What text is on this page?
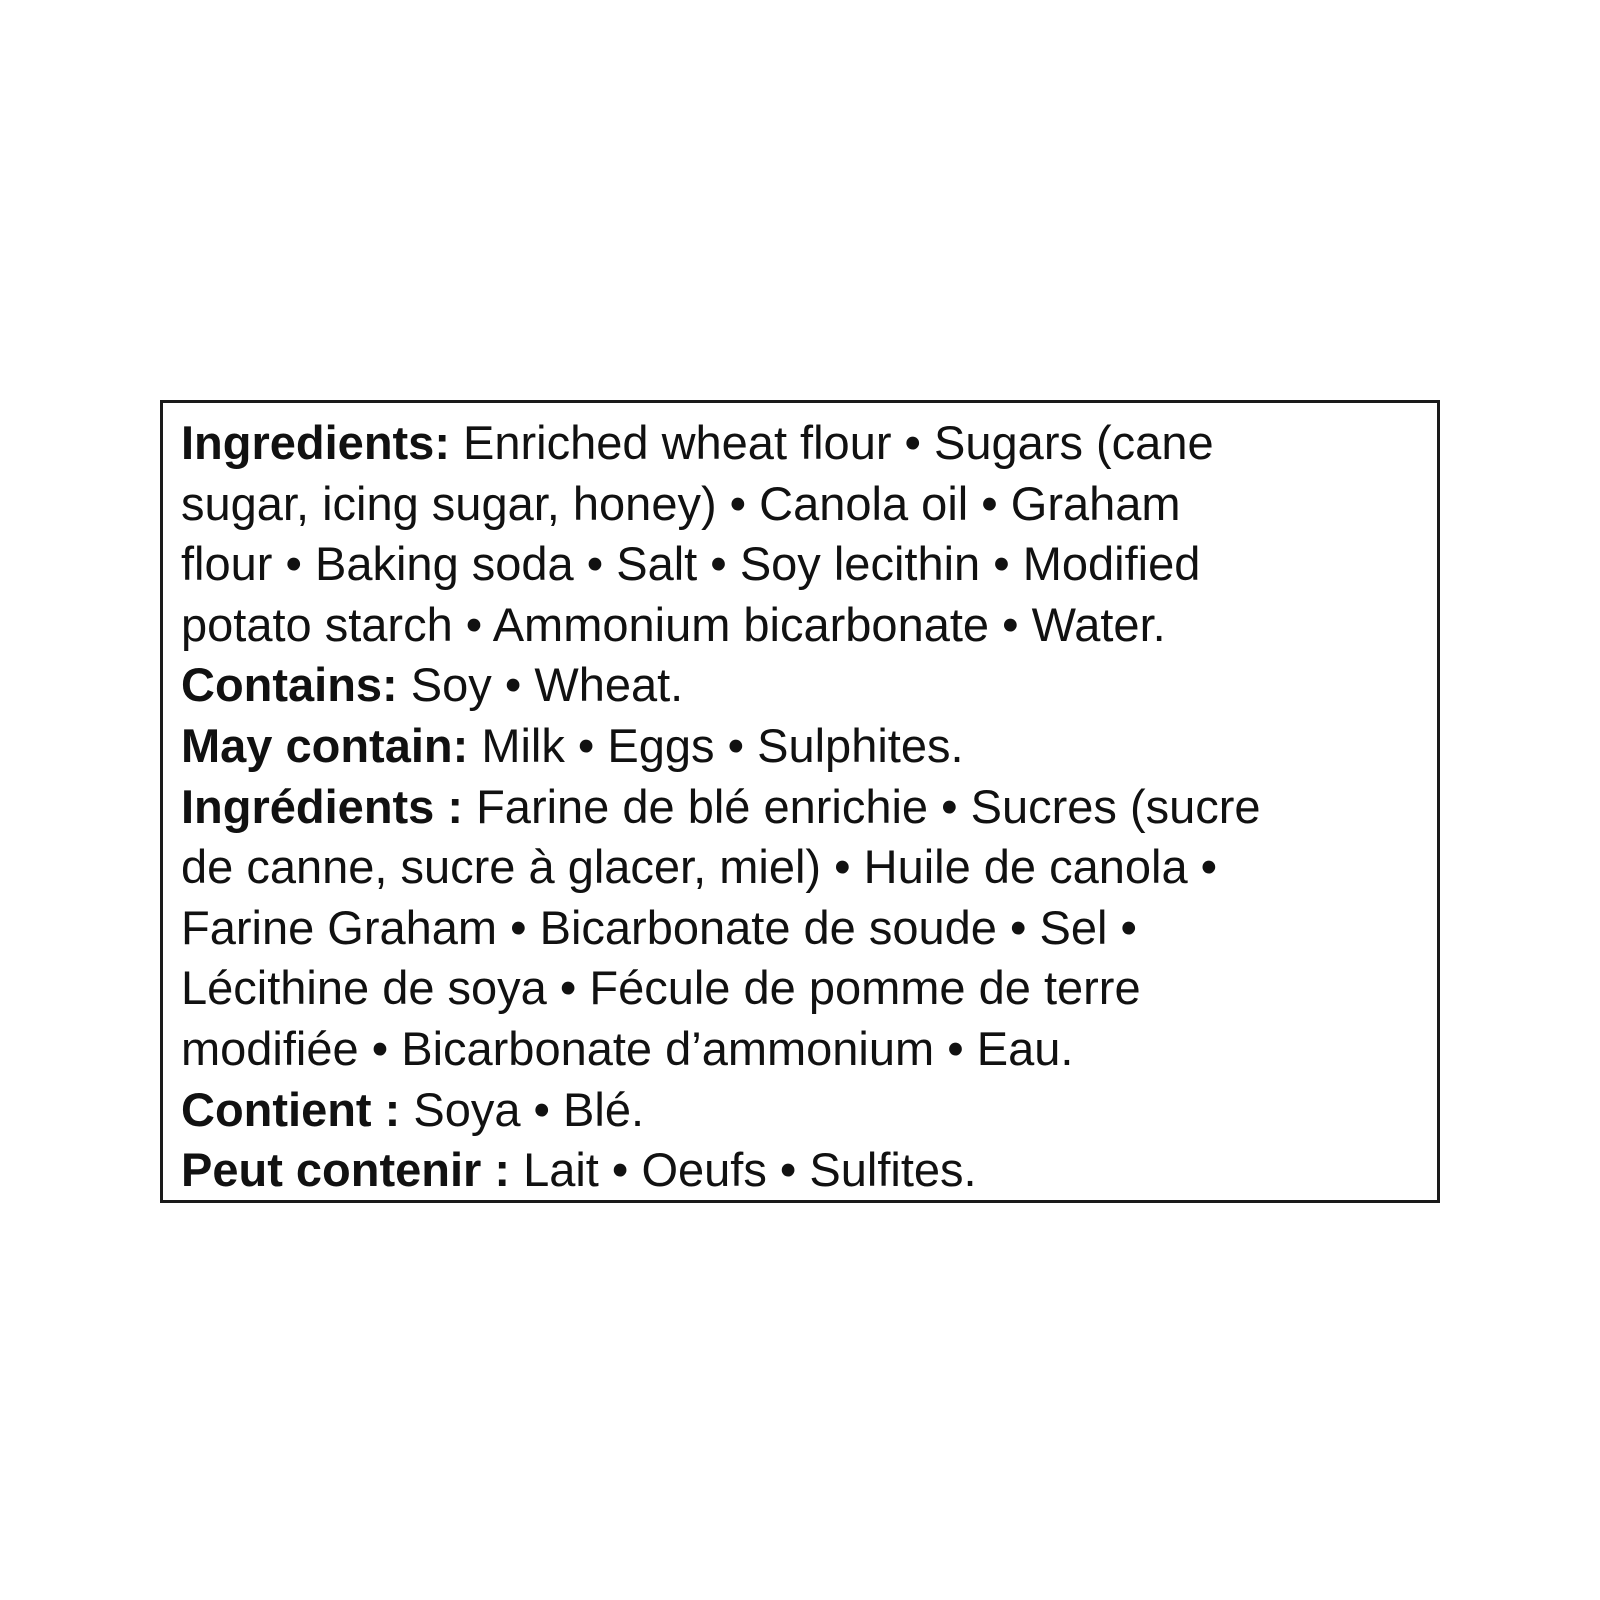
Ingredients: Enriched wheat flour • Sugars (cane
sugar, icing sugar, honey) • Canola oil • Graham
flour • Baking soda • Salt • Soy lecithin • Modified
potato starch • Ammonium bicarbonate • Water.
Contains: Soy • Wheat.
May contain: Milk • Eggs • Sulphites.
Ingrédients : Farine de blé enrichie • Sucres (sucre
de canne, sucre à glacer, miel) • Huile de canola •
Farine Graham • Bicarbonate de soude • Sel •
Lécithine de soya • Fécule de pomme de terre
modifiée • Bicarbonate d’ammonium • Eau.
Contient : Soya • Blé.
Peut contenir : Lait • Oeufs • Sulfites.
